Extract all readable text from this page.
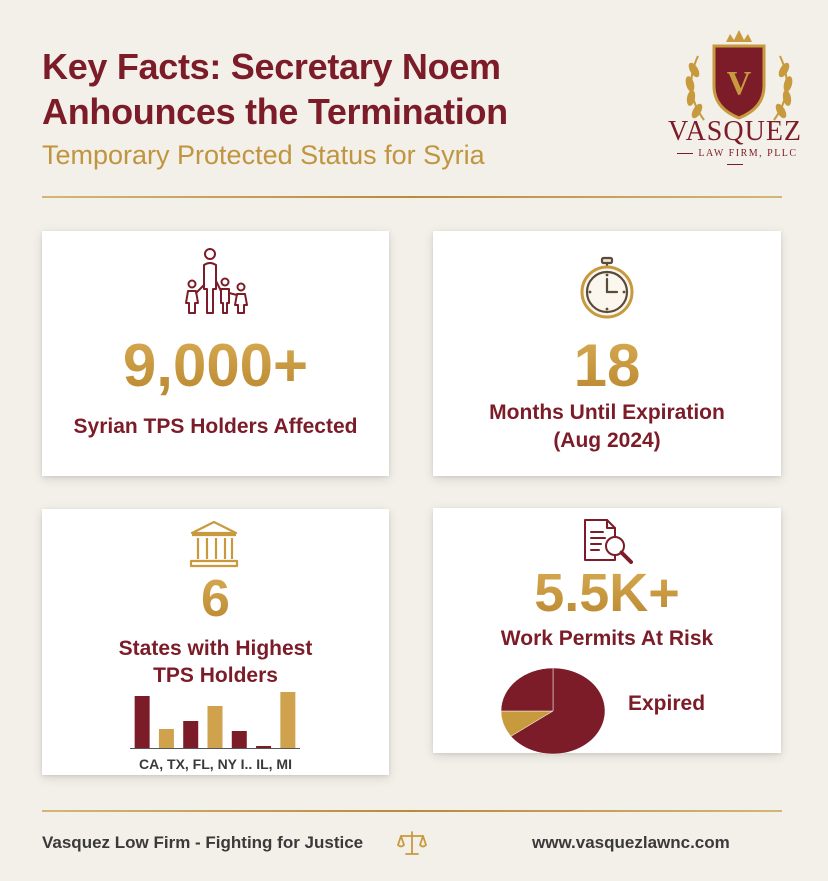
Key Facts: Secretary Noem
Anhounces the Termination
Temporary Protected Status for Syria
V
VASQUEZ
LAW FIRM, PLLC
9,000+
Syrian TPS Holders Affected
18
Months Until Expiration
(Aug 2024)
6
States with Highest
TPS Holders
CA, TX, FL, NY I.. IL, MI
5.5K+
Work Permits At Risk
Expired
Vasquez Low Firm - Fighting for Justice	www.vasquezlawnc.com
